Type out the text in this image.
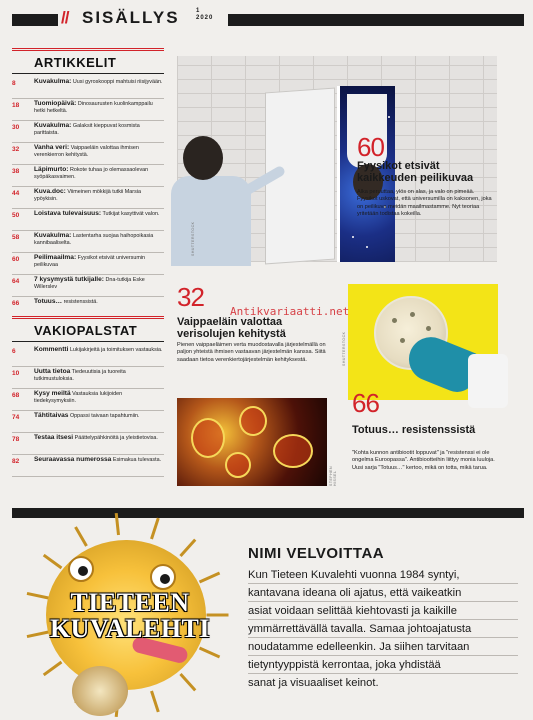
// SISÄLLYS	1
2020
ARTIKKELIT
8	Kuvakulma: Uusi gyroskooppi mahtuisi riisijyvään.
18	Tuomiopäivä: Dinosaurusten kuolinkamppailu hetki hetkeltä.
30	Kuvakulma: Galaksit kieppuvat kosmista parittaista.
32	Vanha veri: Vaippaeläin valottaa ihmisen verenkierron kehitystä.
38	Läpimurto: Rokote tuhaa jo olemassaolevan syöpäkasvaimen.
44	Kuva.doc: Viimeinen mökkijä tutkii Marsia ypöykisin.
50	Loistava tulevaisuus: Tutkijat kasyttivät valon.
58	Kuvakulma: Lastentarha suojaa haihopoikasia kannibaaliselta.
60	Peilimaailma: Fyysikot etsivät universumin peilikuvaa
64	7 kysymystä tutkijalle: Dna-tutkija Eske Willerslev
66	Totuus… resistenssistä.
VAKIOPALSTAT
6	Kommentti Lukijakirjeitä ja toimituksen vastauksia.
10	Uutta tietoa Tiedeuutisia ja tuoreita tutkimustuloksia.
68	Kysy meiltä Vastauksia lukijoiden tiedekysymyksiin.
74	Tähtitaivas Oppassi taivaan tapahtumiin.
78	Testaa itsesi Päättelypähkinöitä ja yleistietovisa.
82	Seuraavassa numerossa Esimakua tulevasta.
SHUTTERSTOCK
60
Fyysikot etsivät kaikkeuden peilikuvaa
Alka peruuttaa, ylös on alas, ja valo on pimeää. Fyysikot uskovat, että universumilla on kaksonen, joka on peilikuva meidän maailmastamme. Nyt teoriaa yritetään todistaa kokeilla.
32
Vaippaeläin valottaa verisolujen kehitystä
Pienen vaippaeläimen verta muodostavalla järjestelmällä on paljon yhteistä ihmisen vastaavan järjestelmän kanssa. Siitä saadaan tietoa verenkiertojärjestelmän kehityksestä.
STEPHEN HISSEL
SHUTTERSTOCK
66
Totuus… resistenssistä
"Kohta kunnon antibiootit loppuvat" ja "resistenssi ei ole ongelma Euroopassa". Antibiootteihin liittyy monia luuloja. Uusi sarja "Totuus…" kertoo, mikä on totta, mikä tarua.
Antikvariaatti.net
TIETEEN
KUVALEHTI
NIMI VELVOITTAA
Kun Tieteen Kuvalehti vuonna 1984 syntyi,
kantavana ideana oli ajatus, että vaikeatkin
asiat voidaan selittää kiehtovasti ja kaikille
ymmärrettävällä tavalla. Samaa johtoajatusta
noudatamme edelleenkin. Ja siihen tarvitaan
tietyntyyppistä kerrontaa, joka yhdistää
sanat ja visuaaliset keinot.
